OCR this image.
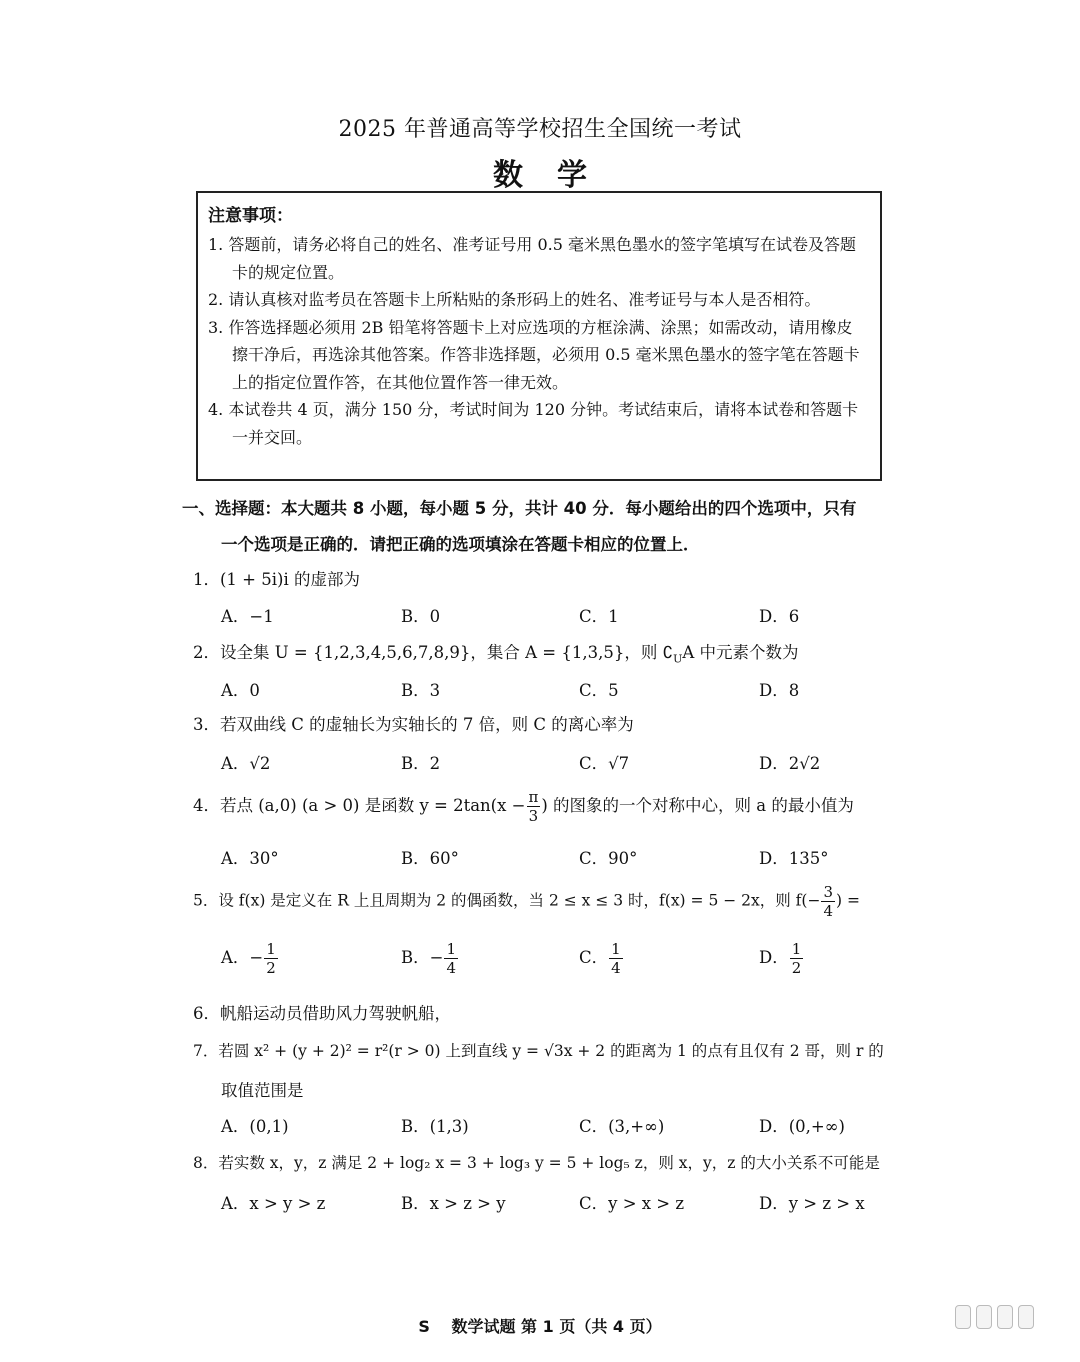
2025 年普通高等学校招生全国统一考试
数学
注意事项：

1. 答题前，请务必将自己的姓名、准考证号用 0.5 毫米黑色墨水的签字笔填写在试卷及答题卡的规定位置。

2. 请认真核对监考员在答题卡上所粘贴的条形码上的姓名、准考证号与本人是否相符。

3. 作答选择题必须用 2B 铅笔将答题卡上对应选项的方框涂满、涂黑；如需改动，请用橡皮擦干净后，再选涂其他答案。作答非选择题，必须用 0.5 毫米黑色墨水的签字笔在答题卡上的指定位置作答，在其他位置作答一律无效。

4. 本试卷共 4 页，满分 150 分，考试时间为 120 分钟。考试结束后，请将本试卷和答题卡一并交回。

一、选择题：本大题共 8 小题，每小题 5 分，共计 40 分．每小题给出的四个选项中，只有
一个选项是正确的．请把正确的选项填涂在答题卡相应的位置上．
1．(1 + 5i)i 的虚部为
A．−1	B．0	C．1	D．6
2．设全集 U = {1,2,3,4,5,6,7,8,9}，集合 A = {1,3,5}，则 $∁_UA$ 中元素个数为
A．0	B．3	C．5	D．8
3．若双曲线 C 的虚轴长为实轴长的 7 倍，则 C 的离心率为
A．√2	B．2	C．√7	D．2√2
4．若点 (a,0) (a > 0) 是函数 $y = 2\tan(x - \frac{\pi}{3}$ ) 的图象的一个对称中心，则 a 的最小值为
A．30°	B．60°	C．90°	D．135°
5．设 f(x) 是定义在 R 上且周期为 2 的偶函数，当 2 ≤ x ≤ 3 时，f(x) = 5 − 2x，则 $f(- \frac{3}{4}$ ) =
A．− $\frac{1}{2}$	B．− $\frac{1}{4}$	C． $\frac{1}{4}$	D． $\frac{1}{2}$
6．帆船运动员借助风力驾驶帆船，
7．若圆 x² + (y + 2)² = r²(r > 0) 上到直线 y = √3x + 2 的距离为 1 的点有且仅有 2 哥，则 r 的
取值范围是
A．(0,1)	B．(1,3)	C．(3,+∞)	D．(0,+∞)
8．若实数 x，y，z 满足 2 + log₂ x = 3 + log₃ y = 5 + log₅ z，则 x，y，z 的大小关系不可能是
A．x > y > z	B．x > z > y	C．y > x > z	D．y > z > x
S　 数学试题 第 1 页（共 4 页）
